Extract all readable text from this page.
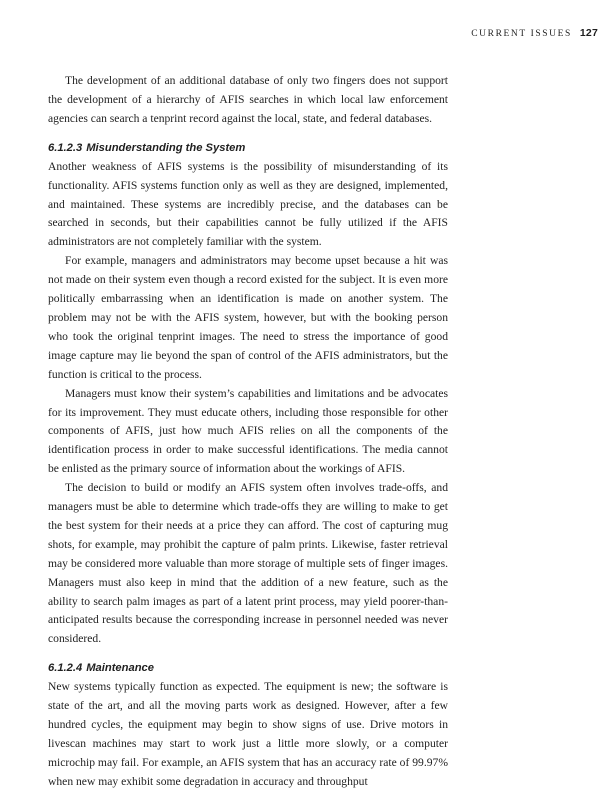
CURRENT ISSUES 127

The development of an additional database of only two fingers does not support the development of a hierarchy of AFIS searches in which local law enforcement agencies can search a tenprint record against the local, state, and federal databases.

6.1.2.3 Misunderstanding the System

Another weakness of AFIS systems is the possibility of misunderstanding of its functionality. AFIS systems function only as well as they are designed, implemented, and maintained. These systems are incredibly precise, and the databases can be searched in seconds, but their capabilities cannot be fully utilized if the AFIS administrators are not completely familiar with the system.

For example, managers and administrators may become upset because a hit was not made on their system even though a record existed for the subject. It is even more politically embarrassing when an identification is made on another system. The problem may not be with the AFIS system, however, but with the booking person who took the original tenprint images. The need to stress the importance of good image capture may lie beyond the span of control of the AFIS administrators, but the function is critical to the process.

Managers must know their system’s capabilities and limitations and be advocates for its improvement. They must educate others, including those responsible for other components of AFIS, just how much AFIS relies on all the components of the identification process in order to make successful identifications. The media cannot be enlisted as the primary source of information about the workings of AFIS.

The decision to build or modify an AFIS system often involves trade-offs, and managers must be able to determine which trade-offs they are willing to make to get the best system for their needs at a price they can afford. The cost of capturing mug shots, for example, may prohibit the capture of palm prints. Likewise, faster retrieval may be considered more valuable than more storage of multiple sets of finger images. Managers must also keep in mind that the addition of a new feature, such as the ability to search palm images as part of a latent print process, may yield poorer-than-anticipated results because the corresponding increase in personnel needed was never considered.

6.1.2.4 Maintenance

New systems typically function as expected. The equipment is new; the software is state of the art, and all the moving parts work as designed. However, after a few hundred cycles, the equipment may begin to show signs of use. Drive motors in livescan machines may start to work just a little more slowly, or a computer microchip may fail. For example, an AFIS system that has an accuracy rate of 99.97% when new may exhibit some degradation in accuracy and throughput
